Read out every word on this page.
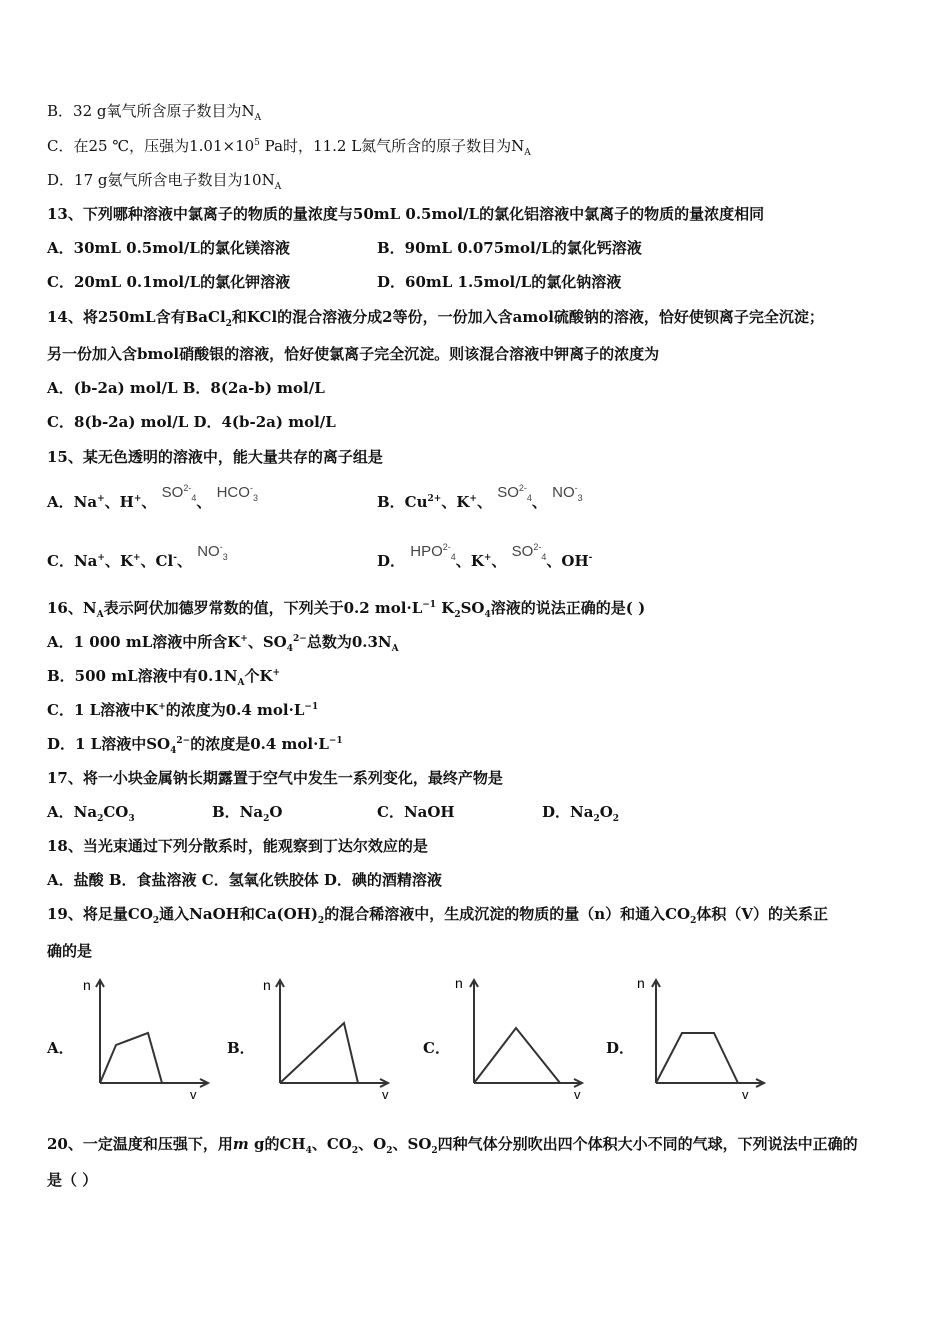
B．32 g氧气所含原子数目为$N_A$
C．在25 ℃，压强为$1.01\times 10^5$ Pa时，11.2 L氮气所含的原子数目为$N_A$
D．17 g氨气所含电子数目为$10N_A$
13、下列哪种溶液中氯离子的物质的量浓度与50mL 0.5mol/L的氯化铝溶液中氯离子的物质的量浓度相同
A．30mL 0.5mol/L的氯化镁溶液	B．90mL 0.075mol/L的氯化钙溶液
C．20mL 0.1mol/L的氯化钾溶液	D．60mL 1.5mol/L的氯化钠溶液
14、将250mL含有BaCl$_2$和KCl的混合溶液分成2等份，一份加入含amol硫酸钠的溶液，恰好使钡离子完全沉淀；
另一份加入含bmol硝酸银的溶液，恰好使氯离子完全沉淀。则该混合溶液中钾离子的浓度为
A．(b-2a) mol/L B．8(2a-b) mol/L
C．8(b-2a) mol/L D．4(b-2a) mol/L
15、某无色透明的溶液中，能大量共存的离子组是
A．Na+、H+、 $SO^{2-}_4$、 $HCO^-_3$	B．$Cu^{2+}$、K+、 $SO^{2-}_4$、 $NO^-_3$
C．Na+、K+、Cl-、 $NO^-_3$	D． $HPO^{2-}_4$、K+、 $SO^{2-}_4$、OH-
16、$N_A$表示阿伏加德罗常数的值，下列关于0.2 $mol\cdot L^{-1}$ $K_2SO_4$溶液的说法正确的是( )
A．1 000 mL溶液中所含K+、$SO_4^{2-}$总数为$0.3N_A$
B．500 mL溶液中有$0.1N_A$个K+
C．1 L溶液中K+的浓度为0.4 $mol\cdot L^{-1}$
D．1 L溶液中$SO_4^{2-}$的浓度是0.4 $mol\cdot L^{-1}$
17、将一小块金属钠长期露置于空气中发生一系列变化，最终产物是
A．$Na_2CO_3$	B．$Na_2O$	C．NaOH	D．$Na_2O_2$
18、当光束通过下列分散系时，能观察到丁达尔效应的是
A．盐酸 B．食盐溶液 C．氢氧化铁胶体 D．碘的酒精溶液
19、将足量$CO_2$通入NaOH和$Ca(OH)_2$的混合稀溶液中，生成沉淀的物质的量（n）和通入$CO_2$体积（V）的关系正
确的是
A．	B．	C．	D．
n
v
n
v
n
v
n
v
20、一定温度和压强下，用m g的$CH_4$、$CO_2$、$O_2$、$SO_2$四种气体分别吹出四个体积大小不同的气球，下列说法中正确的
是（ ）
